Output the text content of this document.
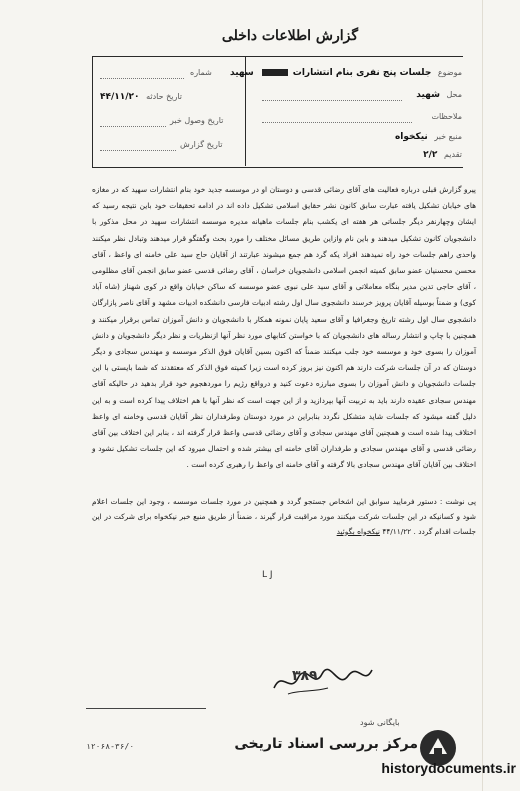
گزارش اطلاعات داخلی
موضوع جلسات پنج نفری بنام انتشارات  سهید
محل شهید
ملاحظات
منبع خبر نیکخواه
تقدیم ۲/۲
شماره
تاریخ حادثه ۴۴/۱۱/۲۰
تاریخ وصول خبر
تاریخ گزارش

پیرو گزارش قبلی درباره فعالیت های آقای رضائی قدسی و دوستان او در موسسه جدید خود بنام انتشارات سهید که در مغازه های خیابان تشکیل یافته عبارت سابق کانون نشر حقایق اسلامی تشکیل داده اند در ادامه تحقیقات خود باین نتیجه رسید که ایشان وچهارنفر دیگر جلساتی هر هفته ای یکشب بنام جلسات ماهیانه مدیره موسسه انتشارات سهید در محل مذکور با دانشجویان کانون تشکیل میدهند و باین نام وازاین طریق مسائل مختلف را مورد بحث وگفتگو قرار میدهند وتبادل نظر میکنند واحدی راهم جلسات خود راه نمیدهند افراد یکه گرد هم جمع میشوند عبارتند از آقایان حاج سید علی خامنه ای واعظ ، آقای محسن محسنیان عضو سابق کمیته انجمن اسلامی دانشجویان خراسان ، آقای رضائی قدسی عضو سابق انجمن آقای مظلومی ، آقای حاجی تدین مدیر بنگاه معاملاتی و آقای سید علی نبوی عضو موسسه که ساکن خیابان واقع در کوی شهناز (شاه آباد کوی) و ضمناً بوسیله آقایان پرویز خرسند دانشجوی سال اول رشته ادبیات فارسی دانشکده ادبیات مشهد و آقای ناصر پازارگان دانشجوی سال اول رشته تاریخ وجغرافیا و آقای سعید پایان نمونه همکار با دانشجویان و دانش آموزان تماس برقرار میکنند و همچنین با چاپ و انتشار رساله های دانشجویان که با خواستن کتابهای مورد نظر آنها ازنظریات و نظر دیگر دانشجویان و دانش آموزان را بسوی خود و موسسه خود جلب میکنند ضمناً که اکنون بسین آقایان فوق الذکر موسسه و مهندس سجادی و دیگر دوستان که در آن جلسات شرکت دارند هم اکنون نیز بروز کرده است زیرا کمیته فوق الذکر که معتقدند که شما بایستی با این جلسات دانشجویان و دانش آموزان را بسوی مبارزه دعوت کنید و درواقع رژیم را موردهجوم خود قرار بدهید در حالیکه آقای مهندس سجادی عقیده دارند باید به تربیت آنها بپردازید و از این جهت است که نظر آنها با هم اختلاف پیدا کرده است و به این دلیل گفته میشود که جلسات شاید متشکل نگردد بنابراین در مورد دوستان وطرفداران نظر آقایان قدسی وخامنه ای واعظ اختلاف پیدا شده است و همچنین آقای مهندس سجادی و آقای رضائی قدسی واعظ قرار گرفته اند ، بنابر این اختلاف بین آقای رضائی قدسی و آقای مهندس سجادی و طرفداران آقای خامنه ای بیشتر شده و احتمال میرود که این جلسات تشکیل نشود و اختلاف بین آقایان آقای مهندس سجادی بالا گرفته و آقای خامنه ای واعظ را رهبری کرده است .

پی نوشت : دستور فرمایید سوابق این اشخاص جستجو گردد و همچنین در مورد جلسات موسسه ، وجود این جلسات اعلام شود و کسانیکه در این جلسات شرکت میکنند مورد مراقبت قرار گیرند ، ضمناً از طریق منبع خبر نیکخواه برای شرکت در این جلسات اقدام گردد . ۴۴/۱۱/۲۲ نیکخواه بگوئید

L J
۳۸۹
بایگانی شود
۱۲۰۶۸-۳۶/۰	مرکز بررسی اسناد تاریخی
historydocuments.ir
